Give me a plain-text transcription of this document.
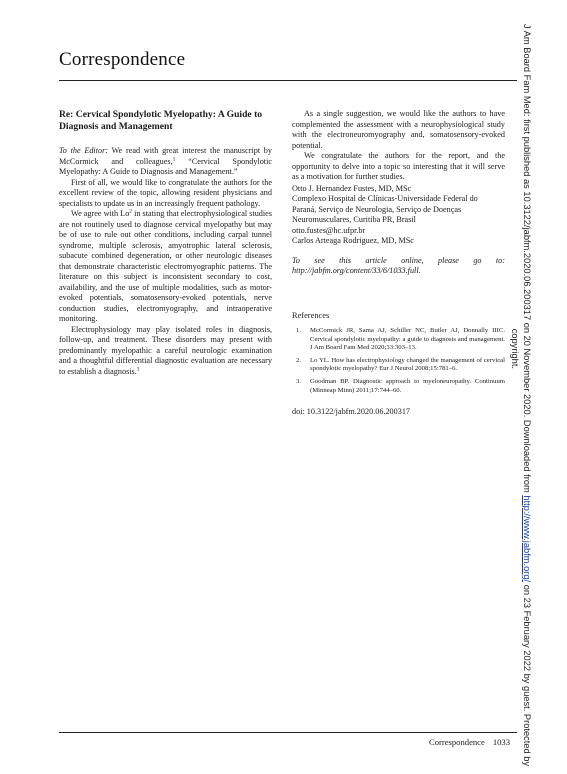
Correspondence
Re: Cervical Spondylotic Myelopathy: A Guide to Diagnosis and Management

To the Editor: We read with great interest the manuscript by McCormick and colleagues,$^1$ “Cervical Spondylotic Myelopathy: A Guide to Diagnosis and Management.”

First of all, we would like to congratulate the authors for the excellent review of the topic, allowing resident physicians and specialists to update us in an increasingly frequent pathology.

We agree with Lo$^2$ in stating that electrophysiological studies are not routinely used to diagnose cervical myelopathy but may be of use to rule out other conditions, including carpal tunnel syndrome, multiple sclerosis, amyotrophic lateral sclerosis, subacute combined degeneration, or other neurologic diseases that demonstrate characteristic electromyographic patterns. The literature on this subject is inconsistent secondary to cost, availability, and the use of multiple modalities, such as motor-evoked potentials, somatosensory-evoked potentials, nerve conduction studies, electromyography, and intraoperative monitoring.

Electrophysiology may play isolated roles in diagnosis, follow-up, and treatment. These disorders may present with predominantly myelopathic a careful neurologic examination and a thoughtful differential diagnostic evaluation are necessary to establish a diagnosis.$^3$

As a single suggestion, we would like the authors to have complemented the assessment with a neurophysiological study with the electroneuromyography and, somatosensory-evoked potential.

We congratulate the authors for the report, and the opportunity to delve into a topic so interesting that it will serve as a motivation for further studies.

Otto J. Hernandez Fustes, MD, MSc

Complexo Hospital de Clínicas-Universidade Federal do

Paraná, Serviço de Neurologia, Serviço de Doenças

Neuromusculares, Curitiba PR, Brasil

otto.fustes@hc.ufpr.br

Carlos Arteaga Rodriguez, MD, MSc

To see this article online, please go to: http://jabfm.org/content/33/6/1033.full.

References
1. McCormick JR, Sama AJ, Schiller NC, Butler AJ, Donnally IIIC. Cervical spondylotic myelopathy: a guide to diagnosis and management. J Am Board Fam Med 2020;33:303–13.
2. Lo YL. How has electrophysiology changed the management of cervical spondylotic myelopathy? Eur J Neurol 2008;15:781–6.
3. Goodman BP. Diagnostic approach to myeloneuropathy. Continuum (Minneap Minn) 2011;17:744–60.

doi: 10.3122/jabfm.2020.06.200317

Correspondence 1033
J Am Board Fam Med: first published as 10.3122/jabfm.2020.06.200317 on 20 November 2020. Downloaded from http://www.jabfm.org/ on 23 February 2022 by guest. Protected by
copyright.
